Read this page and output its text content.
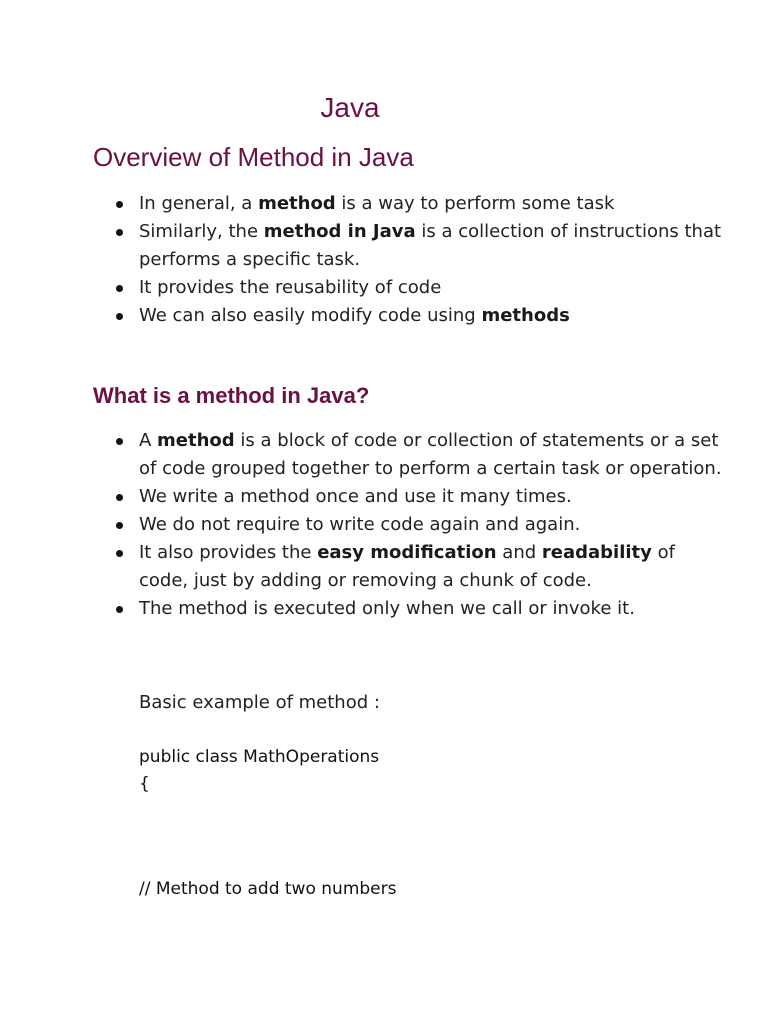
Java
Overview of Method in Java
In general, a method is a way to perform some task
Similarly, the method in Java is a collection of instructions that performs a specific task.
It provides the reusability of code
We can also easily modify code using methods
What is a method in Java?
A method is a block of code or collection of statements or a set of code grouped together to perform a certain task or operation.
We write a method once and use it many times.
We do not require to write code again and again.
It also provides the easy modification and readability of code, just by adding or removing a chunk of code.
The method is executed only when we call or invoke it.

Basic example of method :

public class MathOperations

{

// Method to add two numbers
